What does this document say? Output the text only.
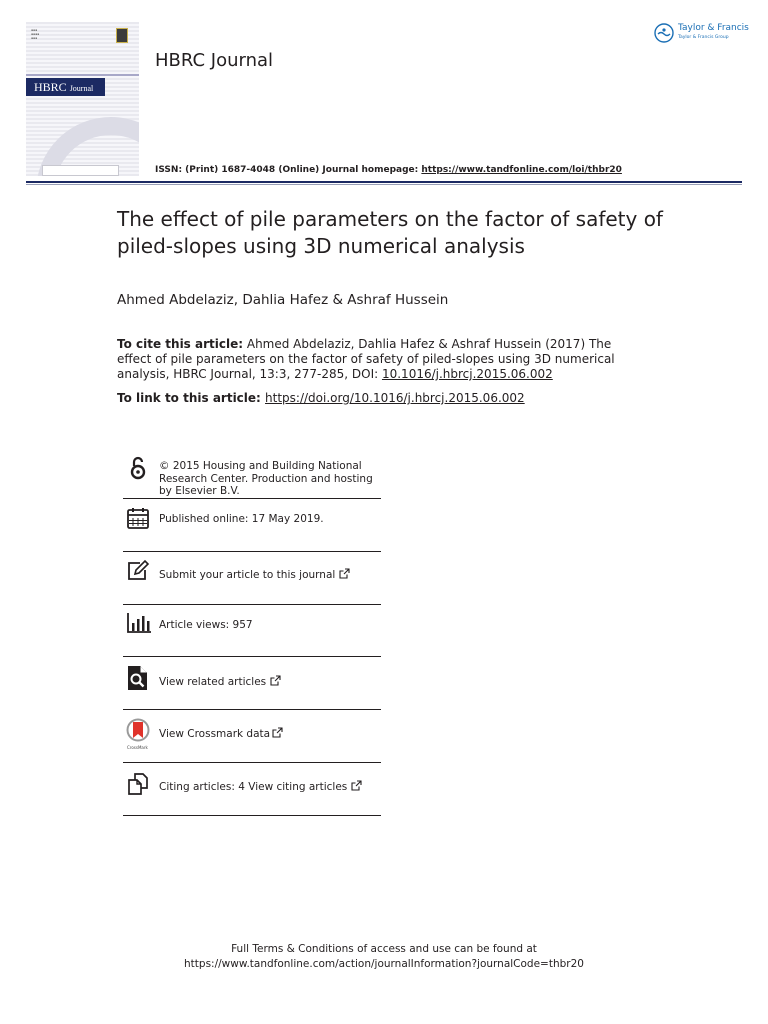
▪▪▪
▪▪▪▪
▪▪▪
HBRC Journal
HBRC Journal
Taylor & Francis
Taylor & Francis Group
ISSN: (Print) 1687-4048 (Online) Journal homepage: https://www.tandfonline.com/loi/thbr20
The effect of pile parameters on the factor of safety of piled-slopes using 3D numerical analysis
Ahmed Abdelaziz, Dahlia Hafez & Ashraf Hussein
To cite this article: Ahmed Abdelaziz, Dahlia Hafez & Ashraf Hussein (2017) The effect of pile parameters on the factor of safety of piled-slopes using 3D numerical analysis, HBRC Journal, 13:3, 277-285, DOI: 10.1016/j.hbrcj.2015.06.002
To link to this article: https://doi.org/10.1016/j.hbrcj.2015.06.002
© 2015 Housing and Building National Research Center. Production and hosting by Elsevier B.V.
Published online: 17 May 2019.
Submit your article to this journal
Article views: 957
View related articles
CrossMark
View Crossmark data
Citing articles: 4 View citing articles
Full Terms & Conditions of access and use can be found at
https://www.tandfonline.com/action/journalInformation?journalCode=thbr20
